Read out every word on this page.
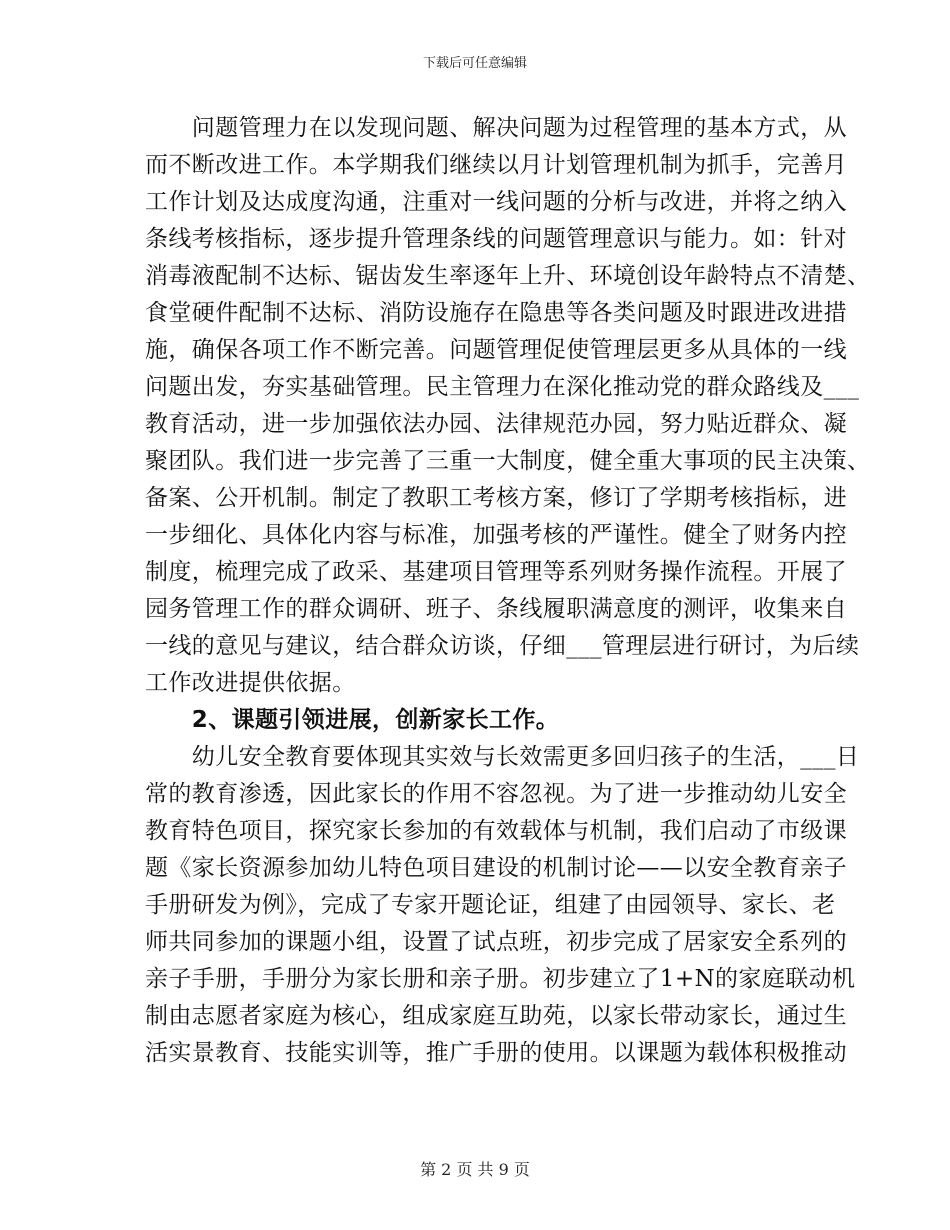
下载后可任意编辑
　　问题管理力在以发现问题、解决问题为过程管理的基本方式，从
而不断改进工作。本学期我们继续以月计划管理机制为抓手，完善月
工作计划及达成度沟通，注重对一线问题的分析与改进，并将之纳入
条线考核指标，逐步提升管理条线的问题管理意识与能力。如：针对
消毒液配制不达标、锯齿发生率逐年上升、环境创设年龄特点不清楚、
食堂硬件配制不达标、消防设施存在隐患等各类问题及时跟进改进措
施，确保各项工作不断完善。问题管理促使管理层更多从具体的一线
问题出发，夯实基础管理。民主管理力在深化推动党的群众路线及___
教育活动，进一步加强依法办园、法律规范办园，努力贴近群众、凝
聚团队。我们进一步完善了三重一大制度，健全重大事项的民主决策、
备案、公开机制。制定了教职工考核方案，修订了学期考核指标，进
一步细化、具体化内容与标准，加强考核的严谨性。健全了财务内控
制度，梳理完成了政采、基建项目管理等系列财务操作流程。开展了
园务管理工作的群众调研、班子、条线履职满意度的测评，收集来自
一线的意见与建议，结合群众访谈，仔细___管理层进行研讨，为后续
工作改进提供依据。
　　2、课题引领进展，创新家长工作。
　　幼儿安全教育要体现其实效与长效需更多回归孩子的生活，___日
常的教育渗透，因此家长的作用不容忽视。为了进一步推动幼儿安全
教育特色项目，探究家长参加的有效载体与机制，我们启动了市级课
题《家长资源参加幼儿特色项目建设的机制讨论——以安全教育亲子
手册研发为例》，完成了专家开题论证，组建了由园领导、家长、老
师共同参加的课题小组，设置了试点班，初步完成了居家安全系列的
亲子手册，手册分为家长册和亲子册。初步建立了1+N的家庭联动机
制由志愿者家庭为核心，组成家庭互助苑，以家长带动家长，通过生
活实景教育、技能实训等，推广手册的使用。以课题为载体积极推动
第 2 页 共 9 页
